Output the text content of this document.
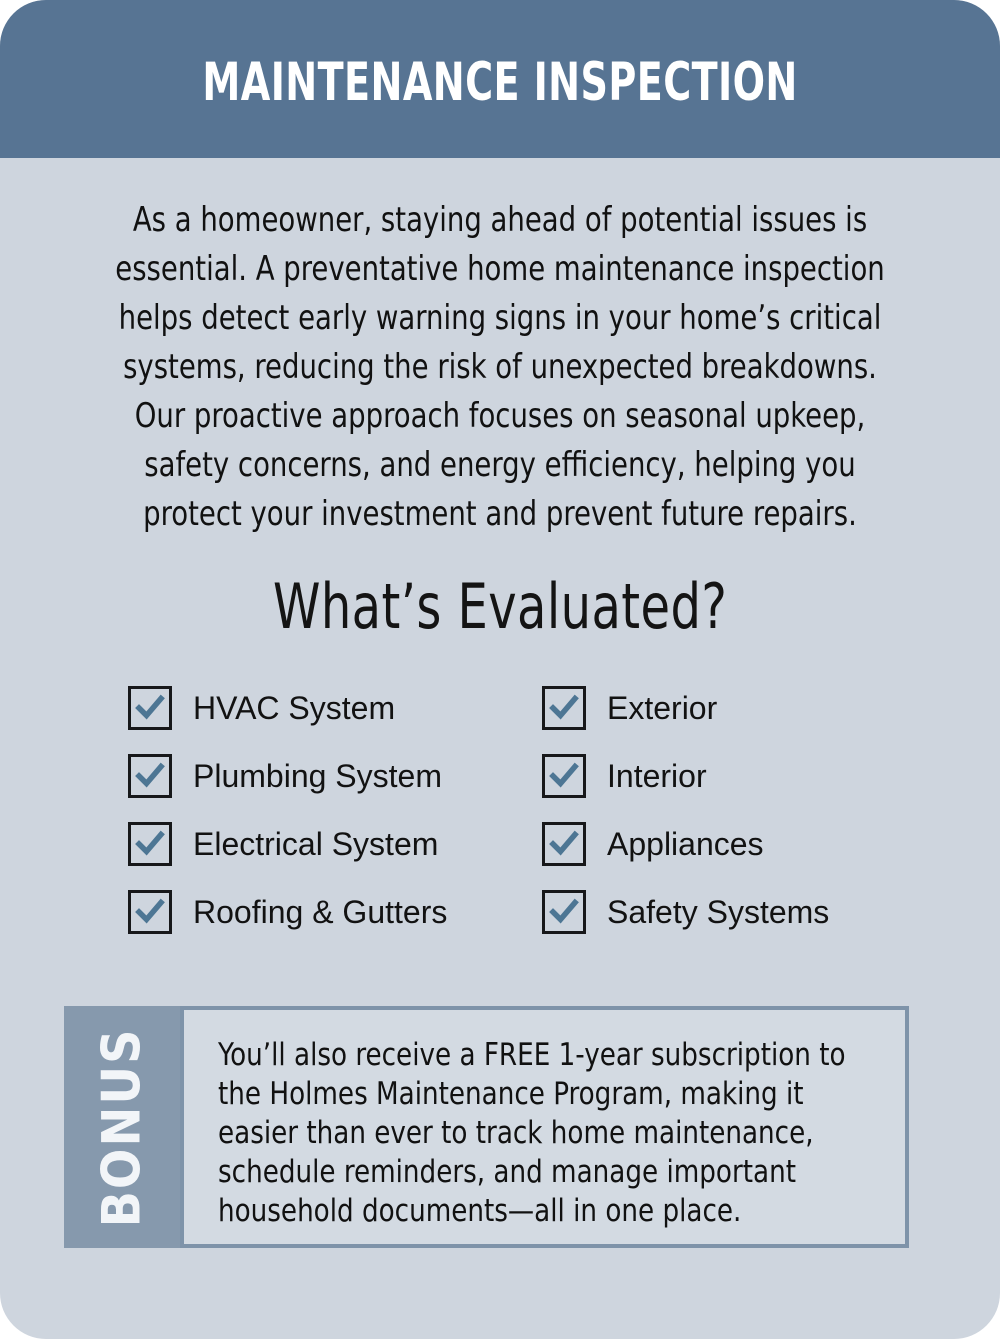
MAINTENANCE INSPECTION
As a homeowner, staying ahead of potential issues is essential. A preventative home maintenance inspection helps detect early warning signs in your home’s critical systems, reducing the risk of unexpected breakdowns. Our proactive approach focuses on seasonal upkeep, safety concerns, and energy efficiency, helping you protect your investment and prevent future repairs.
What’s Evaluated?
HVAC System
Plumbing System
Electrical System
Roofing & Gutters
Exterior
Interior
Appliances
Safety Systems
BONUS You’ll also receive a FREE 1-year subscription to the Holmes Maintenance Program, making it easier than ever to track home maintenance, schedule reminders, and manage important household documents—all in one place.
